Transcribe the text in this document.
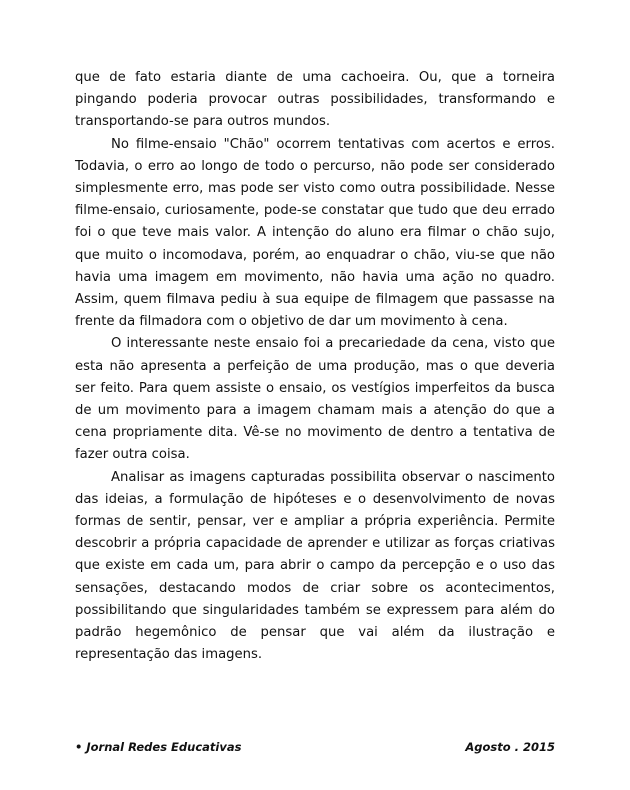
que de fato estaria diante de uma cachoeira. Ou, que a torneira pingando poderia provocar outras possibilidades, transformando e transportando-se para outros mundos.

No filme-ensaio "Chão" ocorrem tentativas com acertos e erros. Todavia, o erro ao longo de todo o percurso, não pode ser considerado simplesmente erro, mas pode ser visto como outra possibilidade. Nesse filme-ensaio, curiosamente, pode-se constatar que tudo que deu errado foi o que teve mais valor. A intenção do aluno era filmar o chão sujo, que muito o incomodava, porém, ao enquadrar o chão, viu-se que não havia uma imagem em movimento, não havia uma ação no quadro. Assim, quem filmava pediu à sua equipe de filmagem que passasse na frente da filmadora com o objetivo de dar um movimento à cena.

O interessante neste ensaio foi a precariedade da cena, visto que esta não apresenta a perfeição de uma produção, mas o que deveria ser feito. Para quem assiste o ensaio, os vestígios imperfeitos da busca de um movimento para a imagem chamam mais a atenção do que a cena propriamente dita. Vê-se no movimento de dentro a tentativa de fazer outra coisa.

Analisar as imagens capturadas possibilita observar o nascimento das ideias, a formulação de hipóteses e o desenvolvimento de novas formas de sentir, pensar, ver e ampliar a própria experiência. Permite descobrir a própria capacidade de aprender e utilizar as forças criativas que existe em cada um, para abrir o campo da percepção e o uso das sensações, destacando modos de criar sobre os acontecimentos, possibilitando que singularidades também se expressem para além do padrão hegemônico de pensar que vai além da ilustração e representação das imagens.

• Jornal Redes Educativas	Agosto . 2015
